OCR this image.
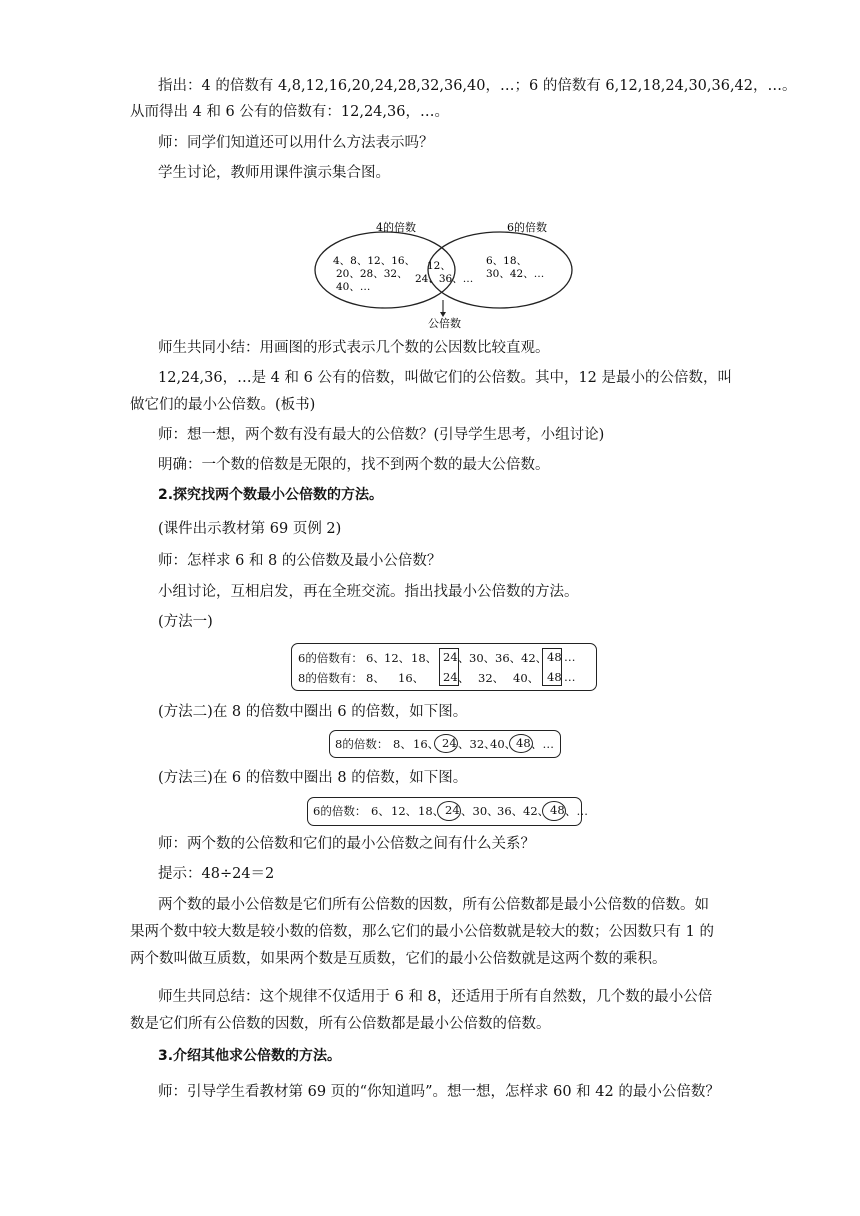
指出：4 的倍数有 4,8,12,16,20,24,28,32,36,40，…；6 的倍数有 6,12,18,24,30,36,42，…。
从而得出 4 和 6 公有的倍数有：12,24,36，…。
师：同学们知道还可以用什么方法表示吗？
学生讨论，教师用课件演示集合图。
4的倍数	6的倍数
4、8、12、16、
20、28、32、
40、…
12、
24、36、…
6、18、
30、42、…
公倍数
师生共同小结：用画图的形式表示几个数的公因数比较直观。
12,24,36，…是 4 和 6 公有的倍数，叫做它们的公倍数。其中，12 是最小的公倍数，叫
做它们的最小公倍数。(板书)
师：想一想，两个数有没有最大的公倍数？(引导学生思考，小组讨论)
明确：一个数的倍数是无限的，找不到两个数的最大公倍数。
2.探究找两个数最小公倍数的方法。
(课件出示教材第 69 页例 2)
师：怎样求 6 和 8 的公倍数及最小公倍数？
小组讨论，互相启发，再在全班交流。指出找最小公倍数的方法。
(方法一)
6的倍数有： 6、 12、 18、 24 、 30、 36、 42、 48 …
8的倍数有： 8、 16、 24 、 32、 40、 48 …
(方法二)在 8 的倍数中圈出 6 的倍数，如下图。
8的倍数： 8、 16、 24 、32、
40、 48 、…
(方法三)在 6 的倍数中圈出 8 的倍数，如下图。
6的倍数： 6、 12、 18、 24 、30、
36、 42、 48 、…
师：两个数的公倍数和它们的最小公倍数之间有什么关系？
提示：48÷24＝2
两个数的最小公倍数是它们所有公倍数的因数，所有公倍数都是最小公倍数的倍数。如
果两个数中较大数是较小数的倍数，那么它们的最小公倍数就是较大的数；公因数只有 1 的
两个数叫做互质数，如果两个数是互质数，它们的最小公倍数就是这两个数的乘积。
师生共同总结：这个规律不仅适用于 6 和 8，还适用于所有自然数，几个数的最小公倍
数是它们所有公倍数的因数，所有公倍数都是最小公倍数的倍数。
3.介绍其他求公倍数的方法。
师：引导学生看教材第 69 页的“你知道吗”。想一想，怎样求 60 和 42 的最小公倍数？
